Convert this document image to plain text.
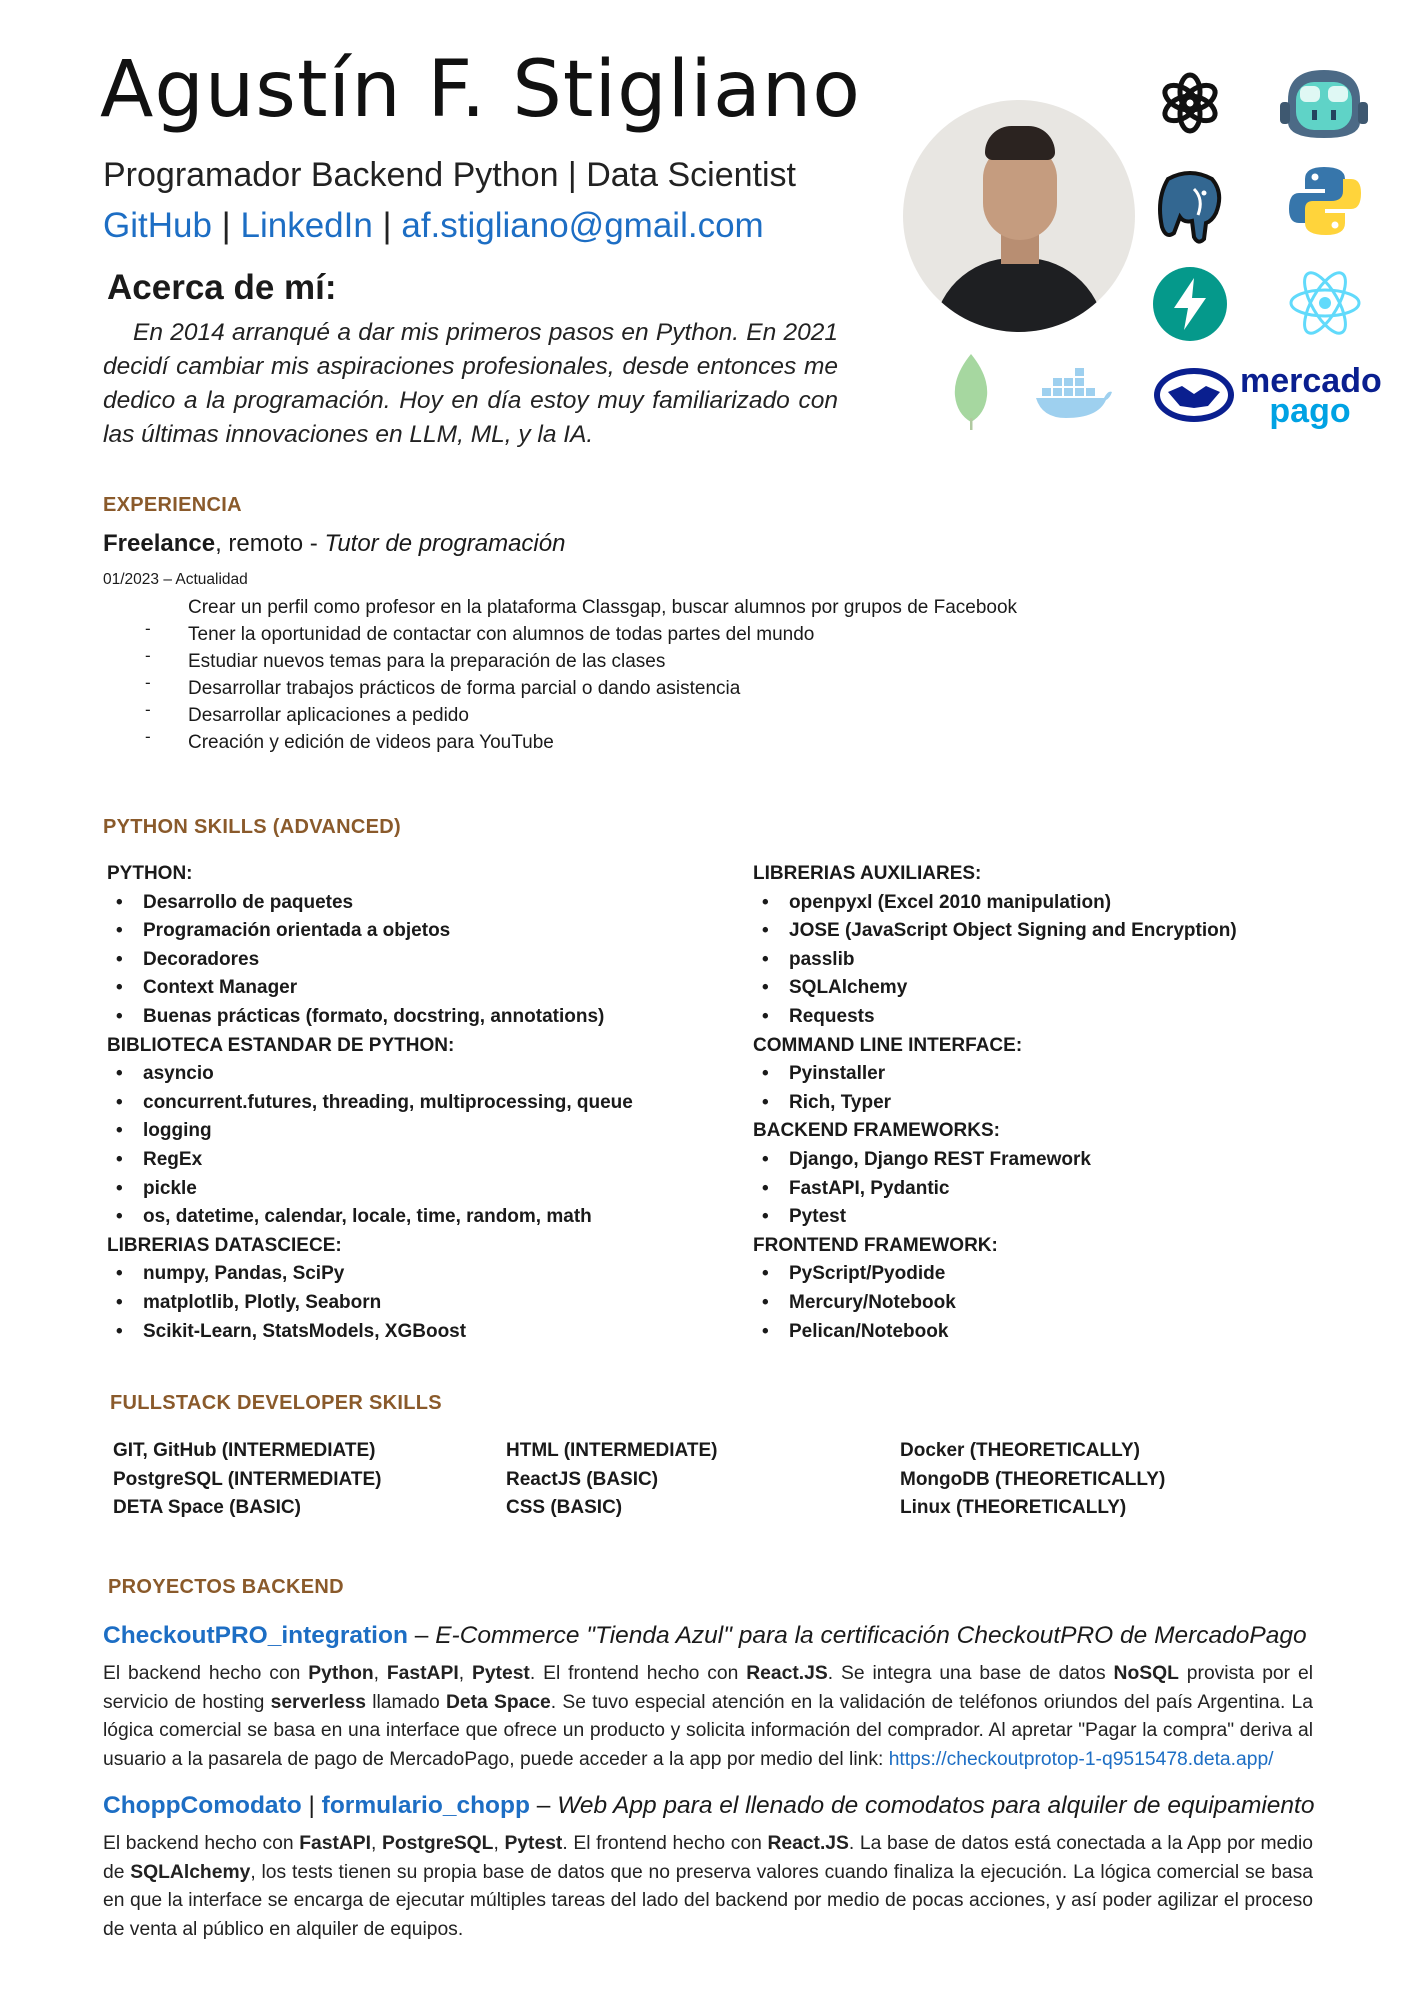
Agustín F. Stigliano
Programador Backend Python | Data Scientist
GitHub | LinkedIn | af.stigliano@gmail.com
Acerca de mí:
En 2014 arranqué a dar mis primeros pasos en Python. En 2021 decidí cambiar mis aspiraciones profesionales, desde entonces me dedico a la programación. Hoy en día estoy muy familiarizado con las últimas innovaciones en LLM, ML, y la IA.
mercado
pago
EXPERIENCIA
Freelance, remoto - Tutor de programación
01/2023 – Actualidad
Crear un perfil como profesor en la plataforma Classgap, buscar alumnos por grupos de Facebook
- Tener la oportunidad de contactar con alumnos de todas partes del mundo
- Estudiar nuevos temas para la preparación de las clases
- Desarrollar trabajos prácticos de forma parcial o dando asistencia
- Desarrollar aplicaciones a pedido
- Creación y edición de videos para YouTube
PYTHON SKILLS (ADVANCED)
PYTHON:
• Desarrollo de paquetes
• Programación orientada a objetos
• Decoradores
• Context Manager
• Buenas prácticas (formato, docstring, annotations)
BIBLIOTECA ESTANDAR DE PYTHON:
• asyncio
• concurrent.futures, threading, multiprocessing, queue
• logging
• RegEx
• pickle
• os, datetime, calendar, locale, time, random, math
LIBRERIAS DATASCIECE:
• numpy, Pandas, SciPy
• matplotlib, Plotly, Seaborn
• Scikit-Learn, StatsModels, XGBoost
LIBRERIAS AUXILIARES:
• openpyxl (Excel 2010 manipulation)
• JOSE (JavaScript Object Signing and Encryption)
• passlib
• SQLAlchemy
• Requests
COMMAND LINE INTERFACE:
• Pyinstaller
• Rich, Typer
BACKEND FRAMEWORKS:
• Django, Django REST Framework
• FastAPI, Pydantic
• Pytest
FRONTEND FRAMEWORK:
• PyScript/Pyodide
• Mercury/Notebook
• Pelican/Notebook
FULLSTACK DEVELOPER SKILLS
GIT, GitHub (INTERMEDIATE)
PostgreSQL (INTERMEDIATE)
DETA Space (BASIC)
HTML (INTERMEDIATE)
ReactJS (BASIC)
CSS (BASIC)
Docker (THEORETICALLY)
MongoDB (THEORETICALLY)
Linux (THEORETICALLY)
PROYECTOS BACKEND
CheckoutPRO_integration – E-Commerce "Tienda Azul" para la certificación CheckoutPRO de MercadoPago
El backend hecho con Python, FastAPI, Pytest. El frontend hecho con React.JS. Se integra una base de datos NoSQL provista por el servicio de hosting serverless llamado Deta Space. Se tuvo especial atención en la validación de teléfonos oriundos del país Argentina. La lógica comercial se basa en una interface que ofrece un producto y solicita información del comprador. Al apretar "Pagar la compra" deriva al usuario a la pasarela de pago de MercadoPago, puede acceder a la app por medio del link: https://checkoutprotop-1-q9515478.deta.app/
ChoppComodato | formulario_chopp – Web App para el llenado de comodatos para alquiler de equipamiento
El backend hecho con FastAPI, PostgreSQL, Pytest. El frontend hecho con React.JS. La base de datos está conectada a la App por medio de SQLAlchemy, los tests tienen su propia base de datos que no preserva valores cuando finaliza la ejecución. La lógica comercial se basa en que la interface se encarga de ejecutar múltiples tareas del lado del backend por medio de pocas acciones, y así poder agilizar el proceso de venta al público en alquiler de equipos.
